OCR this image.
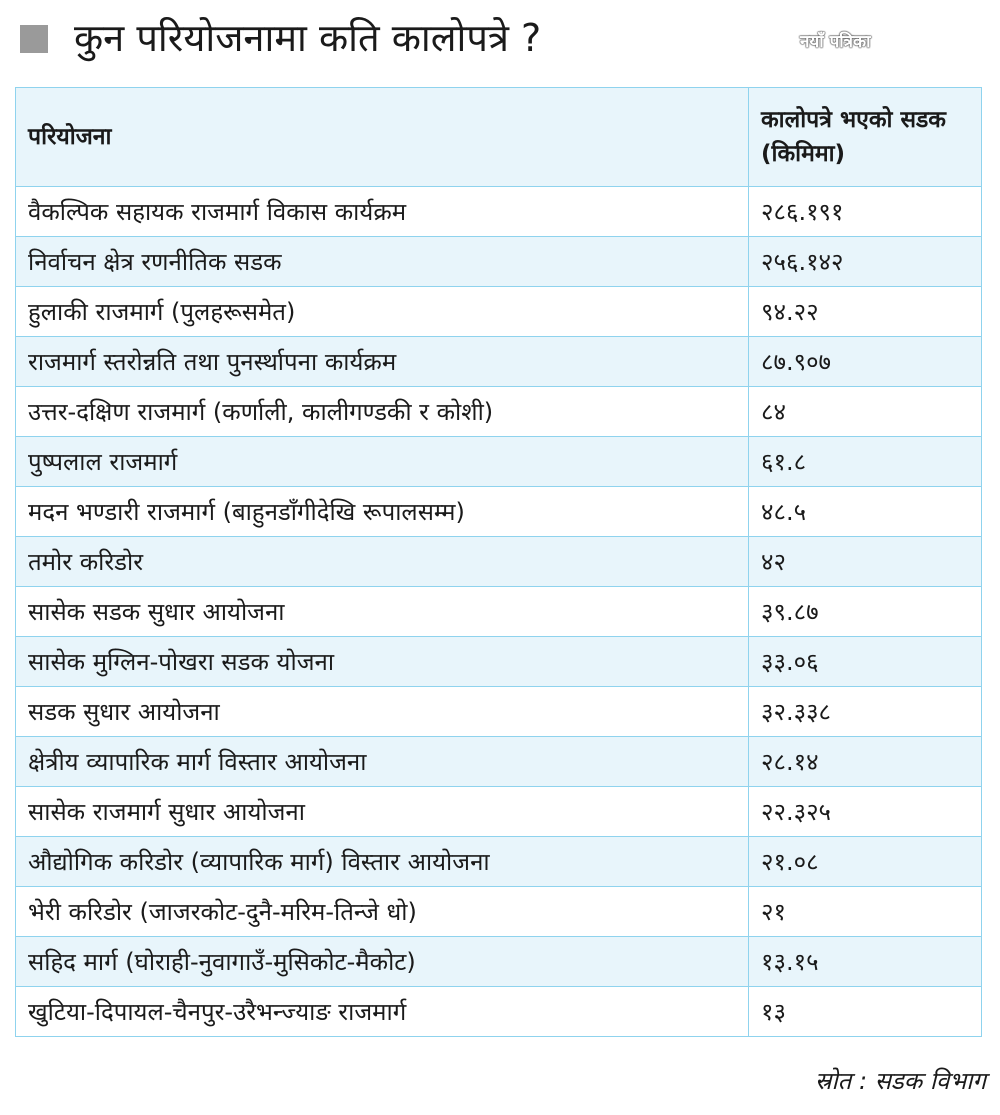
कुन परियोजनामा कति कालोपत्रे ?	नयाँ पत्रिका
परियोजना	कालोपत्रे भएको सडक (किमिमा)
वैकल्पिक सहायक राजमार्ग विकास कार्यक्रम	२८६.१९१
निर्वाचन क्षेत्र रणनीतिक सडक	२५६.१४२
हुलाकी राजमार्ग (पुलहरूसमेत)	९४.२२
राजमार्ग स्तरोन्नति तथा पुनर्स्थापना कार्यक्रम	८७.९०७
उत्तर-दक्षिण राजमार्ग (कर्णाली, कालीगण्डकी र कोशी)	८४
पुष्पलाल राजमार्ग	६१.८
मदन भण्डारी राजमार्ग (बाहुनडाँगीदेखि रूपालसम्म)	४८.५
तमोर करिडोर	४२
सासेक सडक सुधार आयोजना	३९.८७
सासेक मुग्लिन-पोखरा सडक योजना	३३.०६
सडक सुधार आयोजना	३२.३३८
क्षेत्रीय व्यापारिक मार्ग विस्तार आयोजना	२८.१४
सासेक राजमार्ग सुधार आयोजना	२२.३२५
औद्योगिक करिडोर (व्यापारिक मार्ग) विस्तार आयोजना	२१.०८
भेरी करिडोर (जाजरकोट-दुनै-मरिम-तिन्जे धो)	२१
सहिद मार्ग (घोराही-नुवागाउँ-मुसिकोट-मैकोट)	१३.१५
खुटिया-दिपायल-चैनपुर-उरैभन्ज्याङ राजमार्ग	१३
स्रोत : सडक विभाग
